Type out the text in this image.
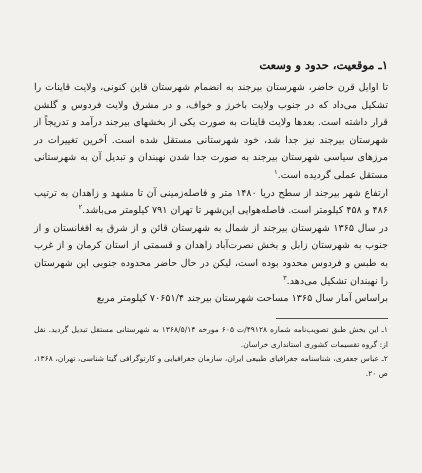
۱ـ موقعیت، حدود و وسعت

تا اوایل قرن حاضر، شهرستان بیرجند به انضمام شهرستان قاین کنونی، ولایت قاینات را تشکیل می‌داد که در جنوب ولایت باخرز و خواف، و در مشرق ولایت فردوس و گلشن قرار داشته است. بعدها ولایت قاینات به صورت یکی از بخشهای بیرجند درآمد و تدریجاً از شهرستان بیرجند نیز جدا شد، خود شهرستانی مستقل شده است. آخرین تغییرات در مرزهای سیاسی شهرستان بیرجند به صورت جدا شدن نهبندان و تبدیل آن به شهرستانی مستقل عملی گردیده است.$^۱$

ارتفاع شهر بیرجند از سطح دریا ۱۴۸۰ متر و فاصله‌زمینی آن تا مشهد و زاهدان به ترتیب ۴۸۶ و ۴۵۸ کیلومتر است. فاصله‌هوایی این‌شهر تا تهران ۷۹۱ کیلومتر می‌باشد.$^۲$

در سال ۱۳۶۵ شهرستان بیرجند از شمال به شهرستان قائن و از شرق به افغانستان و از جنوب به شهرستان زابل و بخش نصرت‌آباد زاهدان و قسمتی از استان کرمان و از غرب به طبس و فردوس محدود بوده است، لیکن در حال حاضر محدوده جنوبی این شهرستان را نهبندان تشکیل می‌دهد.$^۳$

براساس آمار سال ۱۳۶۵ مساحت شهرستان بیرجند ۷۰۶۵۱/۴ کیلومتر مربع

۱ـ این بخش طبق تصویب‌نامه شماره ۴۹۱۲۸/ت ۶۰۵ مورخه ۱۳۶۸/۵/۱۴ به شهرستانی مستقل تبدیل گردید. نقل از: گروه تقسیمات کشوری استانداری خراسان.

۲ـ عباس جعفری، شناسنامه جغرافیای طبیعی ایران، سازمان جغرافیایی و کارتوگرافی گیتا شناسی، تهران، ۱۳۶۸، ص ۲۰.
